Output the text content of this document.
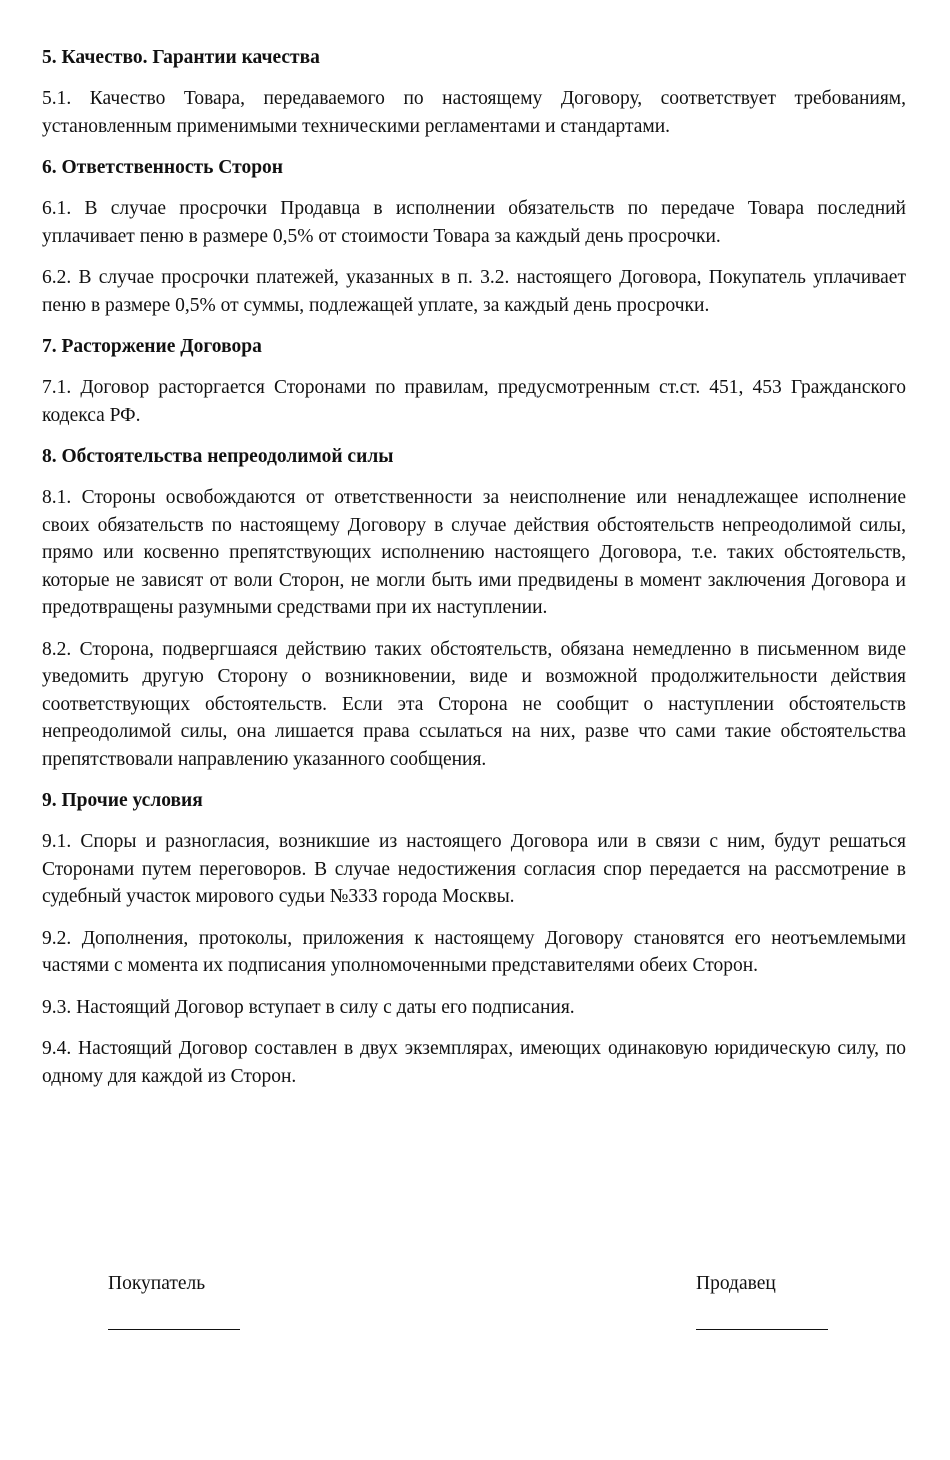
5. Качество. Гарантии качества
5.1. Качество Товара, передаваемого по настоящему Договору, соответствует требованиям, установленным применимыми техническими регламентами и стандартами.
6. Ответственность Сторон
6.1. В случае просрочки Продавца в исполнении обязательств по передаче Товара последний уплачивает пеню в размере 0,5% от стоимости Товара за каждый день просрочки.
6.2. В случае просрочки платежей, указанных в п. 3.2. настоящего Договора, Покупатель уплачивает пеню в размере 0,5% от суммы, подлежащей уплате, за каждый день просрочки.
7. Расторжение Договора
7.1. Договор расторгается Сторонами по правилам, предусмотренным ст.ст. 451, 453 Гражданского кодекса РФ.
8. Обстоятельства непреодолимой силы
8.1. Стороны освобождаются от ответственности за неисполнение или ненадлежащее исполнение своих обязательств по настоящему Договору в случае действия обстоятельств непреодолимой силы, прямо или косвенно препятствующих исполнению настоящего Договора, т.е. таких обстоятельств, которые не зависят от воли Сторон, не могли быть ими предвидены в момент заключения Договора и предотвращены разумными средствами при их наступлении.
8.2. Сторона, подвергшаяся действию таких обстоятельств, обязана немедленно в письменном виде уведомить другую Сторону о возникновении, виде и возможной продолжительности действия соответствующих обстоятельств. Если эта Сторона не сообщит о наступлении обстоятельств непреодолимой силы, она лишается права ссылаться на них, разве что сами такие обстоятельства препятствовали направлению указанного сообщения.
9. Прочие условия
9.1. Споры и разногласия, возникшие из настоящего Договора или в связи с ним, будут решаться Сторонами путем переговоров. В случае недостижения согласия спор передается на рассмотрение в судебный участок мирового судьи №333 города Москвы.
9.2. Дополнения, протоколы, приложения к настоящему Договору становятся его неотъемлемыми частями с момента их подписания уполномоченными представителями обеих Сторон.
9.3. Настоящий Договор вступает в силу с даты его подписания.
9.4. Настоящий Договор составлен в двух экземплярах, имеющих одинаковую юридическую силу, по одному для каждой из Сторон.
Покупатель	Продавец
